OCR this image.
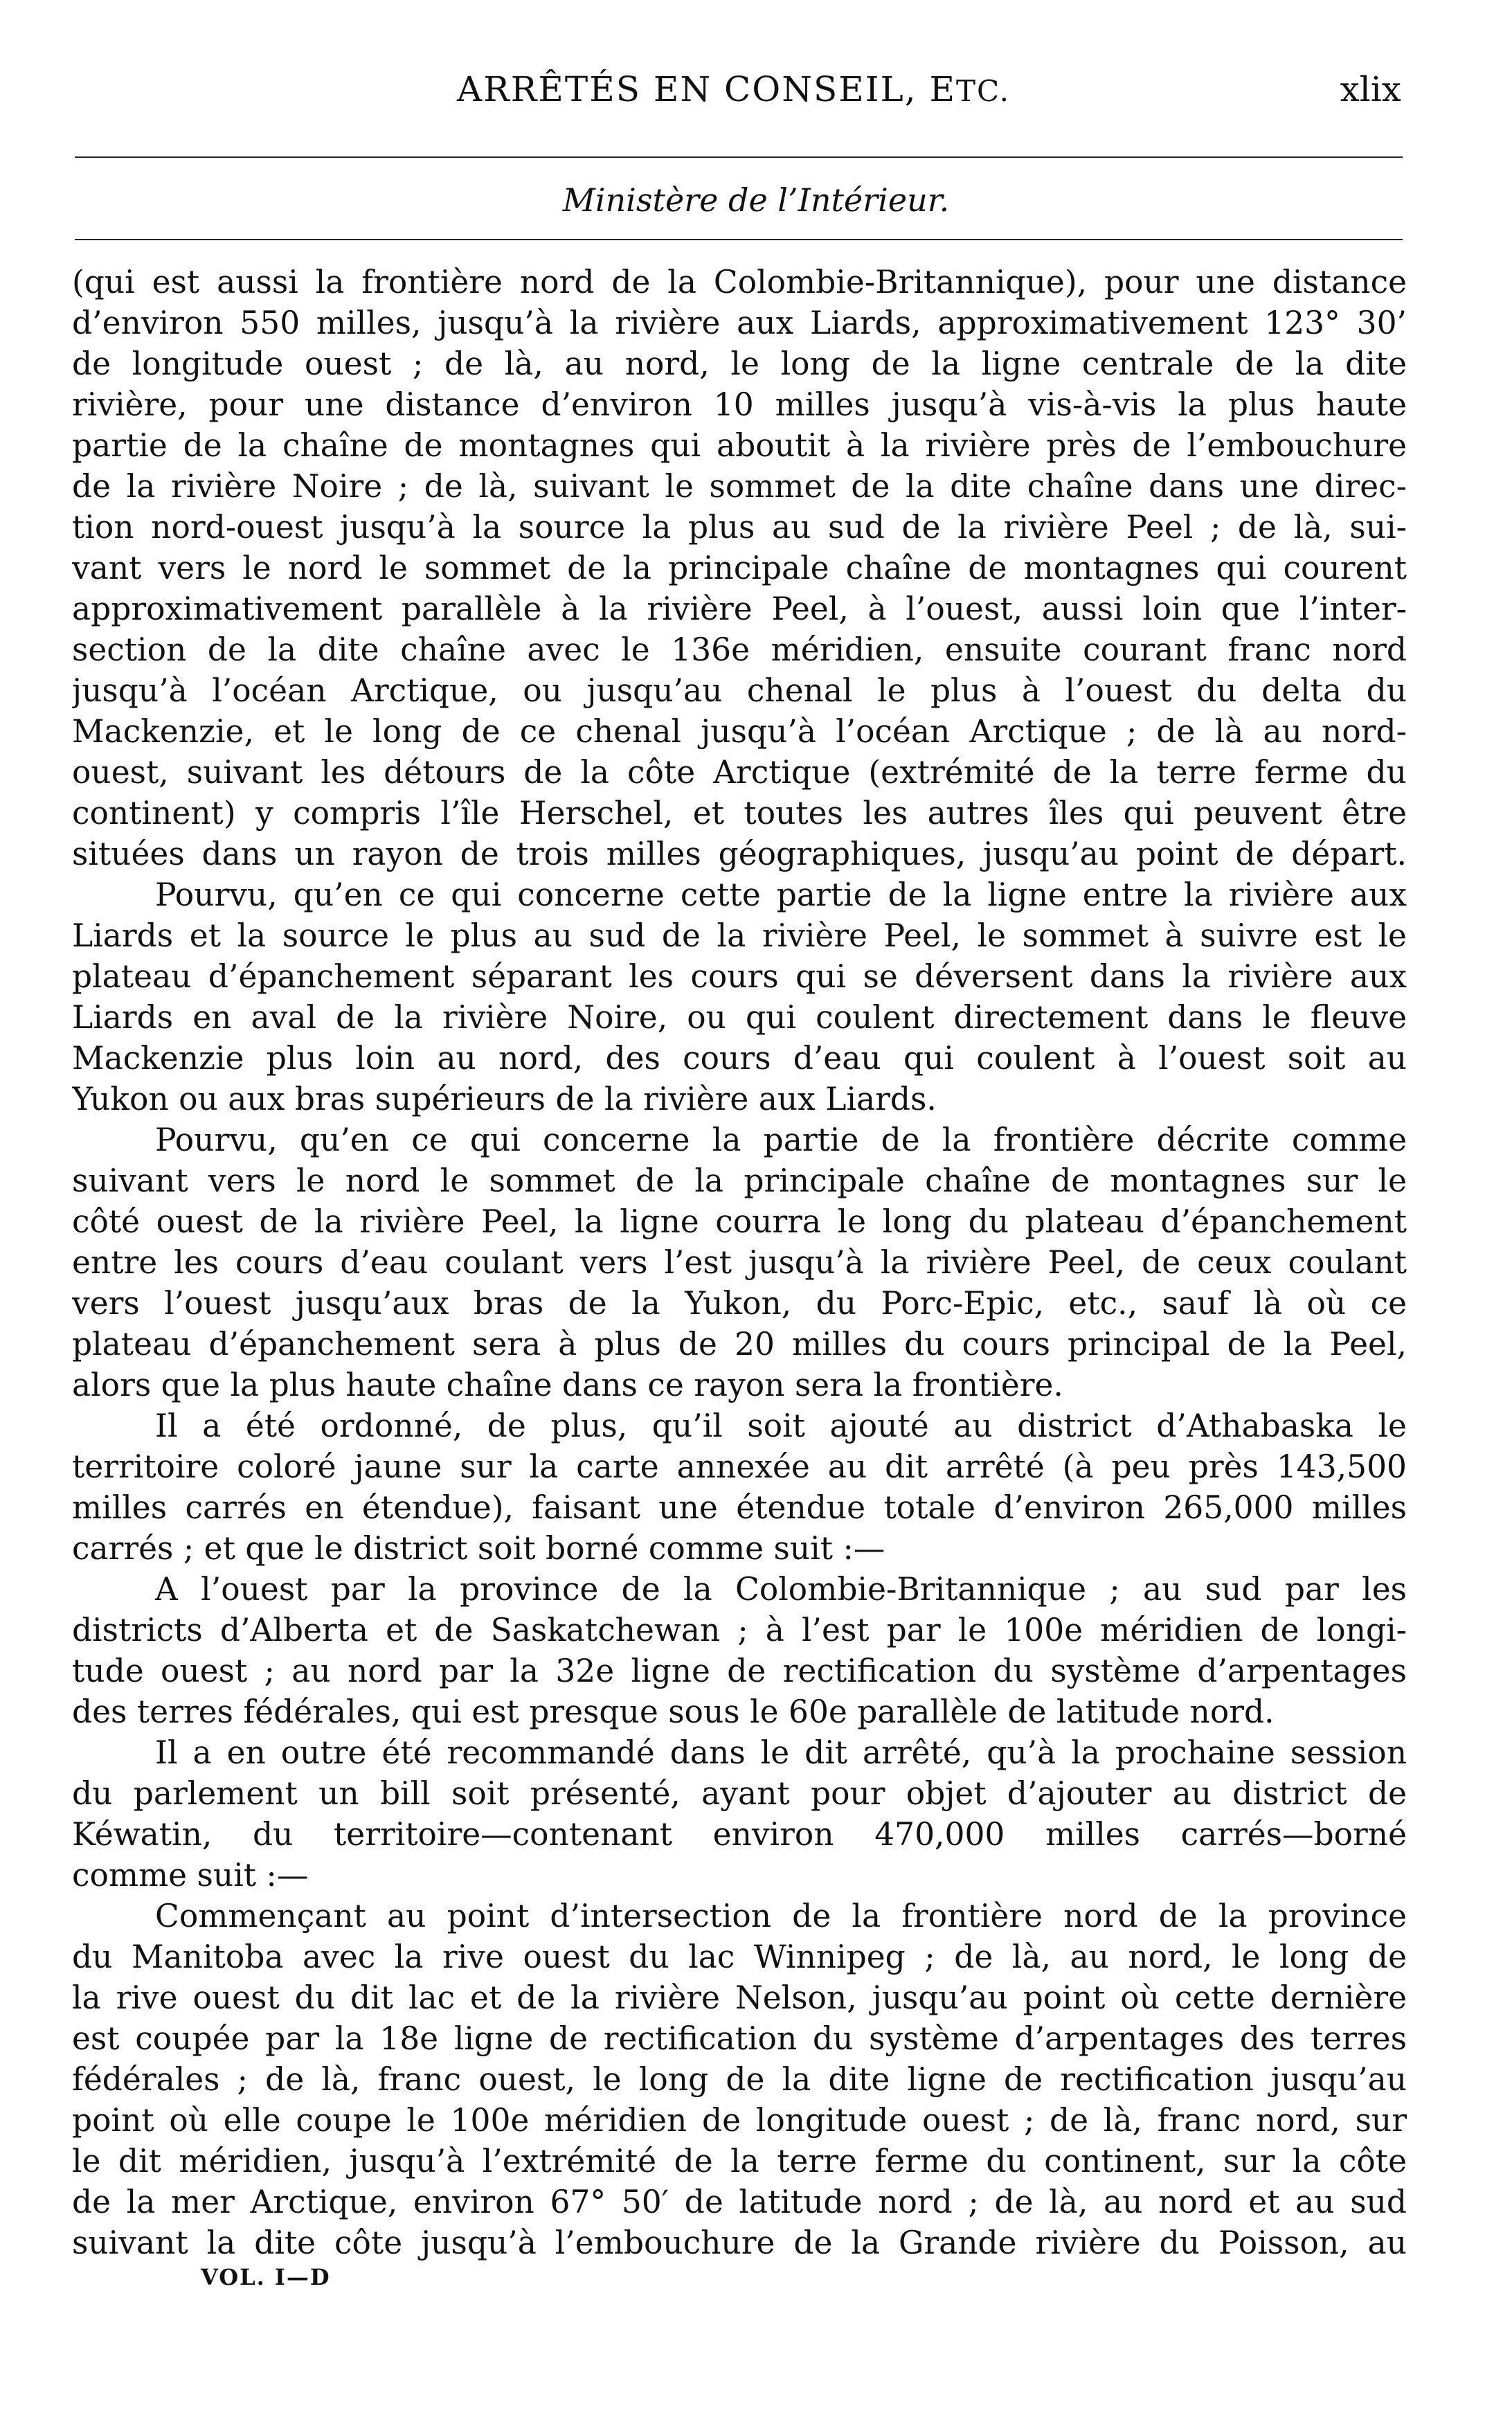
ARRÊTÉS EN CONSEIL, ETC.	xlix
Ministère de l’Intérieur.
(qui est aussi la frontière nord de la Colombie-Britannique), pour une distance
d’environ 550 milles, jusqu’à la rivière aux Liards, approximativement 123° 30’
de longitude ouest ; de là, au nord, le long de la ligne centrale de la dite
rivière, pour une distance d’environ 10 milles jusqu’à vis-à-vis la plus haute
partie de la chaîne de montagnes qui aboutit à la rivière près de l’embouchure
de la rivière Noire ; de là, suivant le sommet de la dite chaîne dans une direc-
tion nord-ouest jusqu’à la source la plus au sud de la rivière Peel ; de là, sui-
vant vers le nord le sommet de la principale chaîne de montagnes qui courent
approximativement parallèle à la rivière Peel, à l’ouest, aussi loin que l’inter-
section de la dite chaîne avec le 136e méridien, ensuite courant franc nord
jusqu’à l’océan Arctique, ou jusqu’au chenal le plus à l’ouest du delta du
Mackenzie, et le long de ce chenal jusqu’à l’océan Arctique ; de là au nord-
ouest, suivant les détours de la côte Arctique (extrémité de la terre ferme du
continent) y compris l’île Herschel, et toutes les autres îles qui peuvent être
situées dans un rayon de trois milles géographiques, jusqu’au point de départ.
Pourvu, qu’en ce qui concerne cette partie de la ligne entre la rivière aux
Liards et la source le plus au sud de la rivière Peel, le sommet à suivre est le
plateau d’épanchement séparant les cours qui se déversent dans la rivière aux
Liards en aval de la rivière Noire, ou qui coulent directement dans le fleuve
Mackenzie plus loin au nord, des cours d’eau qui coulent à l’ouest soit au
Yukon ou aux bras supérieurs de la rivière aux Liards.
Pourvu, qu’en ce qui concerne la partie de la frontière décrite comme
suivant vers le nord le sommet de la principale chaîne de montagnes sur le
côté ouest de la rivière Peel, la ligne courra le long du plateau d’épanchement
entre les cours d’eau coulant vers l’est jusqu’à la rivière Peel, de ceux coulant
vers l’ouest jusqu’aux bras de la Yukon, du Porc-Epic, etc., sauf là où ce
plateau d’épanchement sera à plus de 20 milles du cours principal de la Peel,
alors que la plus haute chaîne dans ce rayon sera la frontière.
Il a été ordonné, de plus, qu’il soit ajouté au district d’Athabaska le
territoire coloré jaune sur la carte annexée au dit arrêté (à peu près 143,500
milles carrés en étendue), faisant une étendue totale d’environ 265,000 milles
carrés ; et que le district soit borné comme suit :—
A l’ouest par la province de la Colombie-Britannique ; au sud par les
districts d’Alberta et de Saskatchewan ; à l’est par le 100e méridien de longi-
tude ouest ; au nord par la 32e ligne de rectification du système d’arpentages
des terres fédérales, qui est presque sous le 60e parallèle de latitude nord.
Il a en outre été recommandé dans le dit arrêté, qu’à la prochaine session
du parlement un bill soit présenté, ayant pour objet d’ajouter au district de
Kéwatin, du territoire—contenant environ 470,000 milles carrés—borné
comme suit :—
Commençant au point d’intersection de la frontière nord de la province
du Manitoba avec la rive ouest du lac Winnipeg ; de là, au nord, le long de
la rive ouest du dit lac et de la rivière Nelson, jusqu’au point où cette dernière
est coupée par la 18e ligne de rectification du système d’arpentages des terres
fédérales ; de là, franc ouest, le long de la dite ligne de rectification jusqu’au
point où elle coupe le 100e méridien de longitude ouest ; de là, franc nord, sur
le dit méridien, jusqu’à l’extrémité de la terre ferme du continent, sur la côte
de la mer Arctique, environ 67° 50′ de latitude nord ; de là, au nord et au sud
suivant la dite côte jusqu’à l’embouchure de la Grande rivière du Poisson, au
VOL. I—D
